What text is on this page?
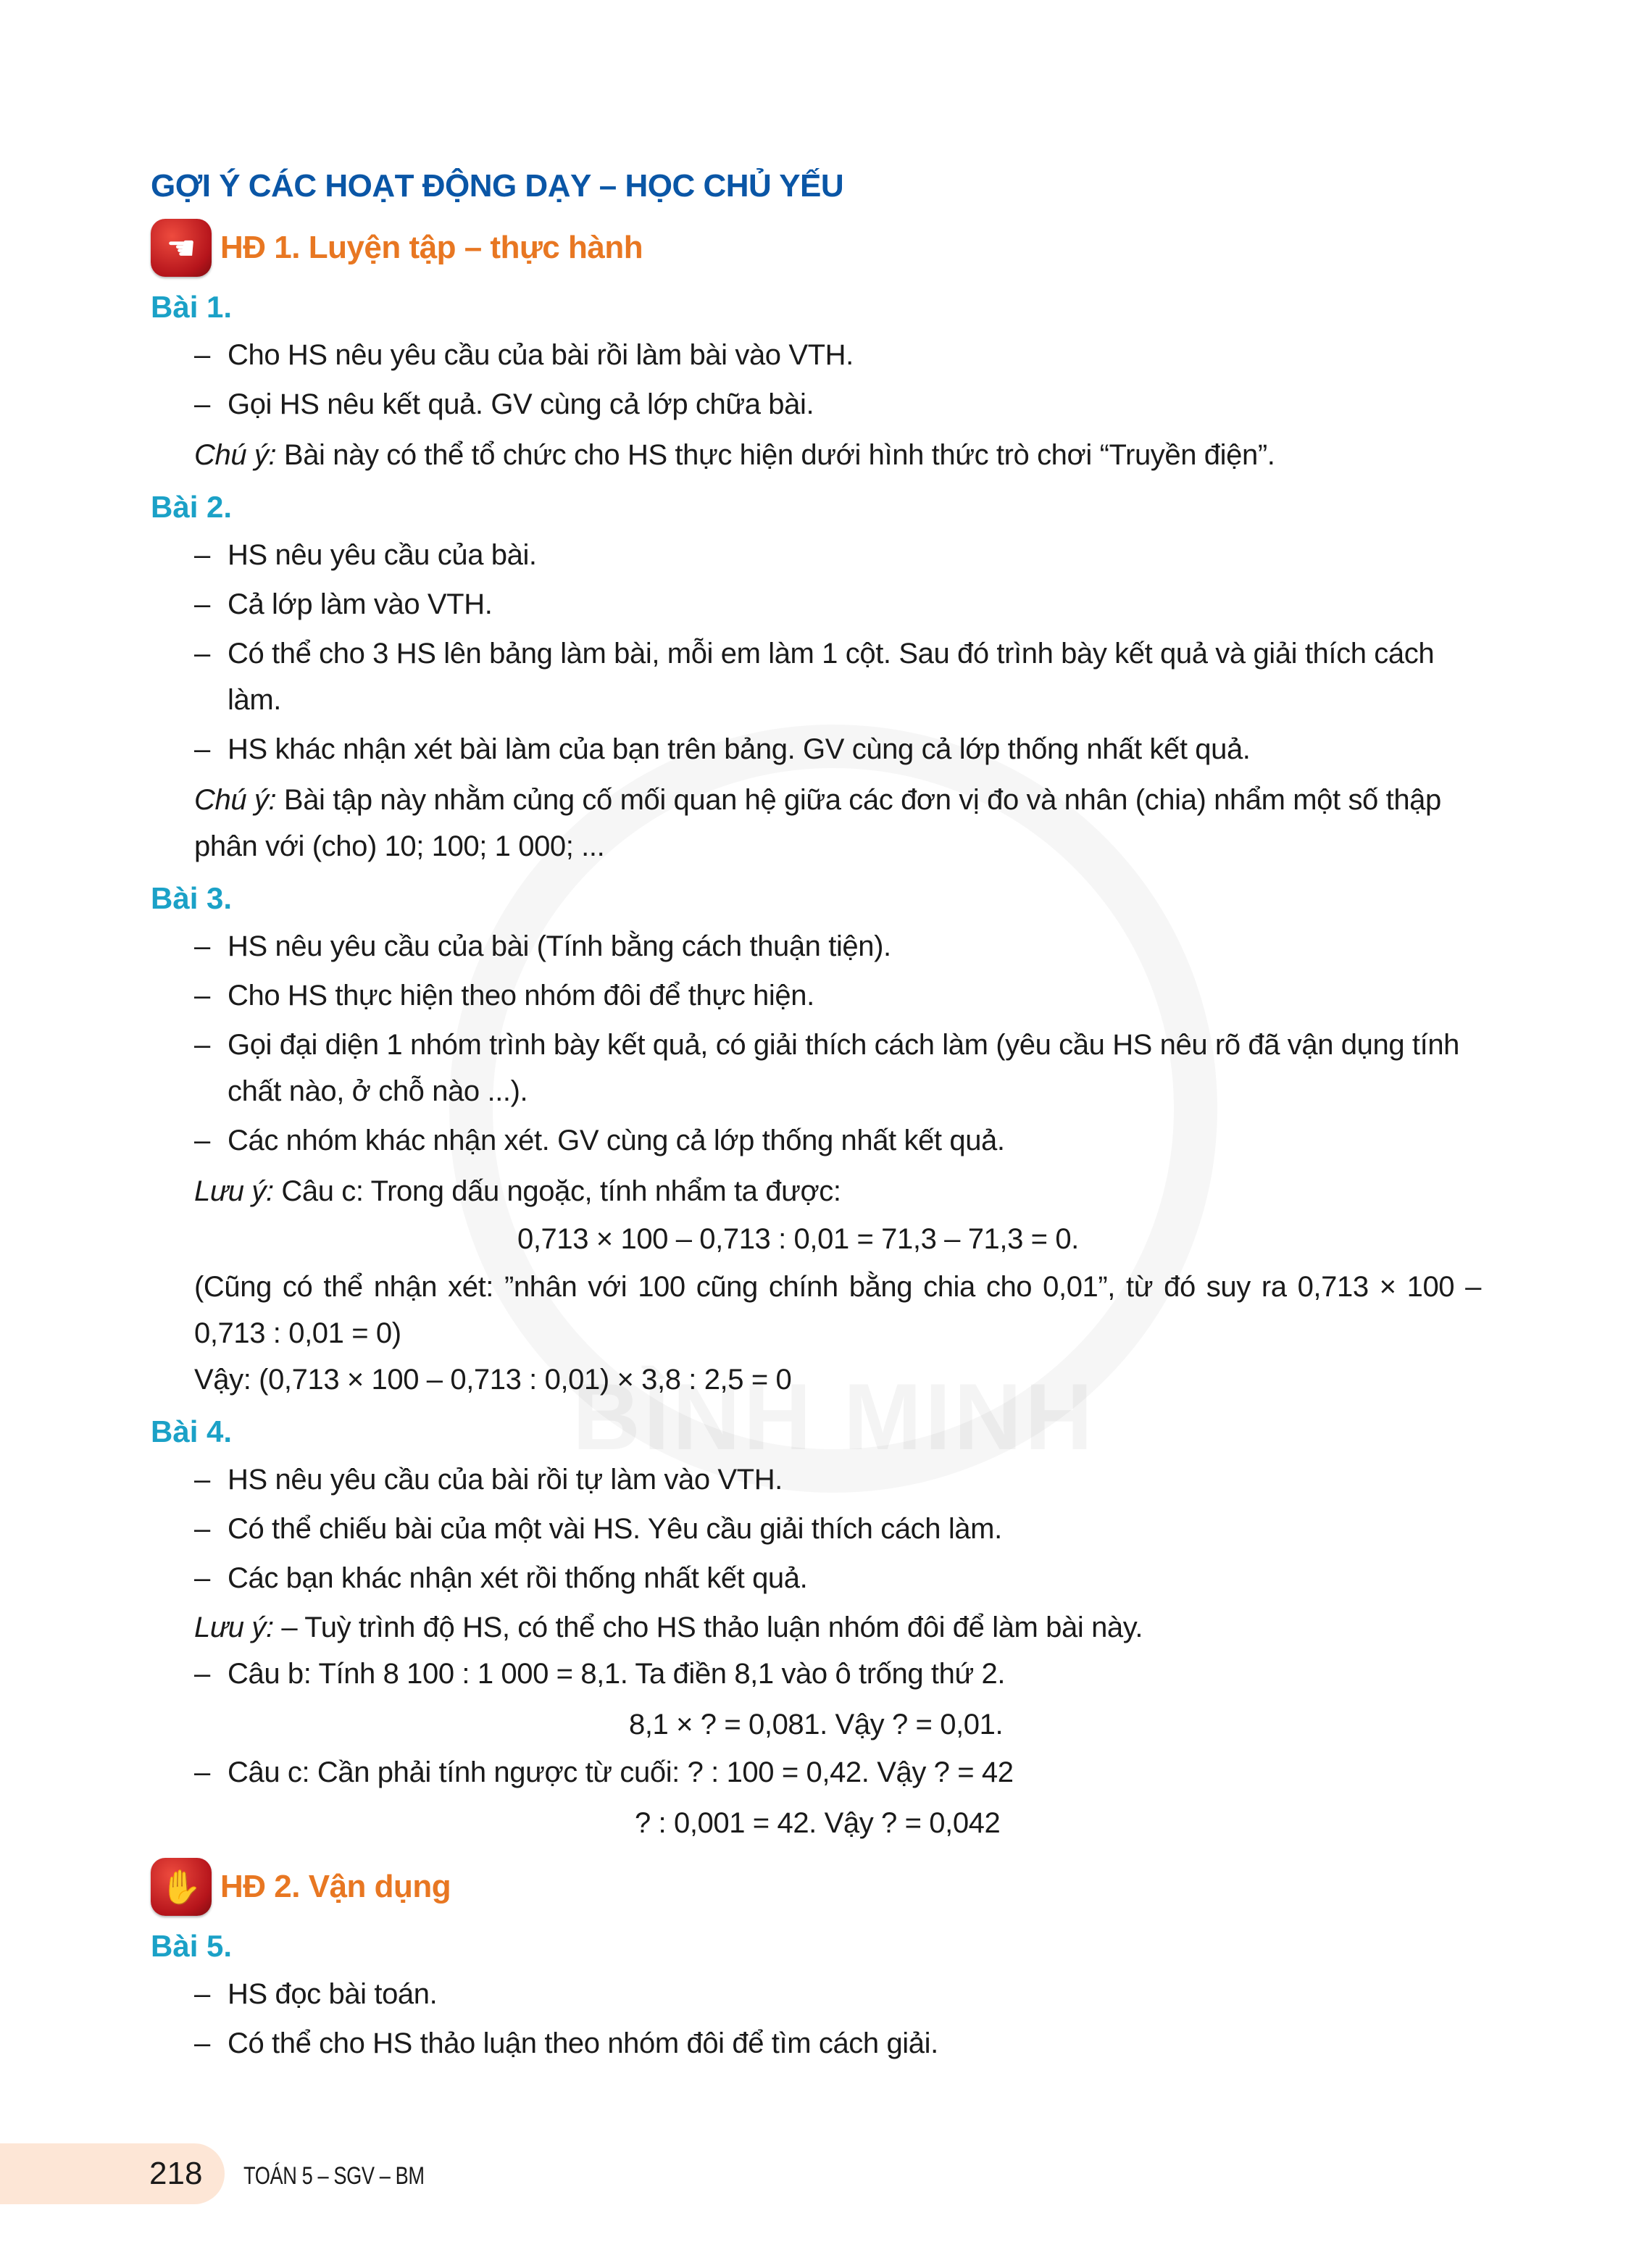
GỢI Ý CÁC HOẠT ĐỘNG DẠY – HỌC CHỦ YẾU
☚ HĐ 1. Luyện tập – thực hành
Bài 1.
– Cho HS nêu yêu cầu của bài rồi làm bài vào VTH.
– Gọi HS nêu kết quả. GV cùng cả lớp chữa bài.
Chú ý: Bài này có thể tổ chức cho HS thực hiện dưới hình thức trò chơi “Truyền điện”.
Bài 2.
– HS nêu yêu cầu của bài.
– Cả lớp làm vào VTH.
– Có thể cho 3 HS lên bảng làm bài, mỗi em làm 1 cột. Sau đó trình bày kết quả và giải thích cách làm.
– HS khác nhận xét bài làm của bạn trên bảng. GV cùng cả lớp thống nhất kết quả.
Chú ý: Bài tập này nhằm củng cố mối quan hệ giữa các đơn vị đo và nhân (chia) nhẩm một số thập phân với (cho) 10; 100; 1 000; ...
Bài 3.
– HS nêu yêu cầu của bài (Tính bằng cách thuận tiện).
– Cho HS thực hiện theo nhóm đôi để thực hiện.
– Gọi đại diện 1 nhóm trình bày kết quả, có giải thích cách làm (yêu cầu HS nêu rõ đã vận dụng tính chất nào, ở chỗ nào ...).
– Các nhóm khác nhận xét. GV cùng cả lớp thống nhất kết quả.
Lưu ý: Câu c: Trong dấu ngoặc, tính nhẩm ta được:
0,713 × 100 – 0,713 : 0,01 = 71,3 – 71,3 = 0.
(Cũng có thể nhận xét: ”nhân với 100 cũng chính bằng chia cho 0,01”, từ đó suy ra 0,713 × 100 – 0,713 : 0,01 = 0)
Vậy: (0,713 × 100 – 0,713 : 0,01) × 3,8 : 2,5 = 0
Bài 4.
– HS nêu yêu cầu của bài rồi tự làm vào VTH.
– Có thể chiếu bài của một vài HS. Yêu cầu giải thích cách làm.
– Các bạn khác nhận xét rồi thống nhất kết quả.
Lưu ý: – Tuỳ trình độ HS, có thể cho HS thảo luận nhóm đôi để làm bài này.
– Câu b: Tính 8 100 : 1 000 = 8,1. Ta điền 8,1 vào ô trống thứ 2.
8,1 × ? = 0,081. Vậy ? = 0,01.
– Câu c: Cần phải tính ngược từ cuối: ? : 100 = 0,42. Vậy ? = 42
? : 0,001 = 42. Vậy ? = 0,042
✋ HĐ 2. Vận dụng
Bài 5.
– HS đọc bài toán.
– Có thể cho HS thảo luận theo nhóm đôi để tìm cách giải.
218 TOÁN 5 – SGV – BM
